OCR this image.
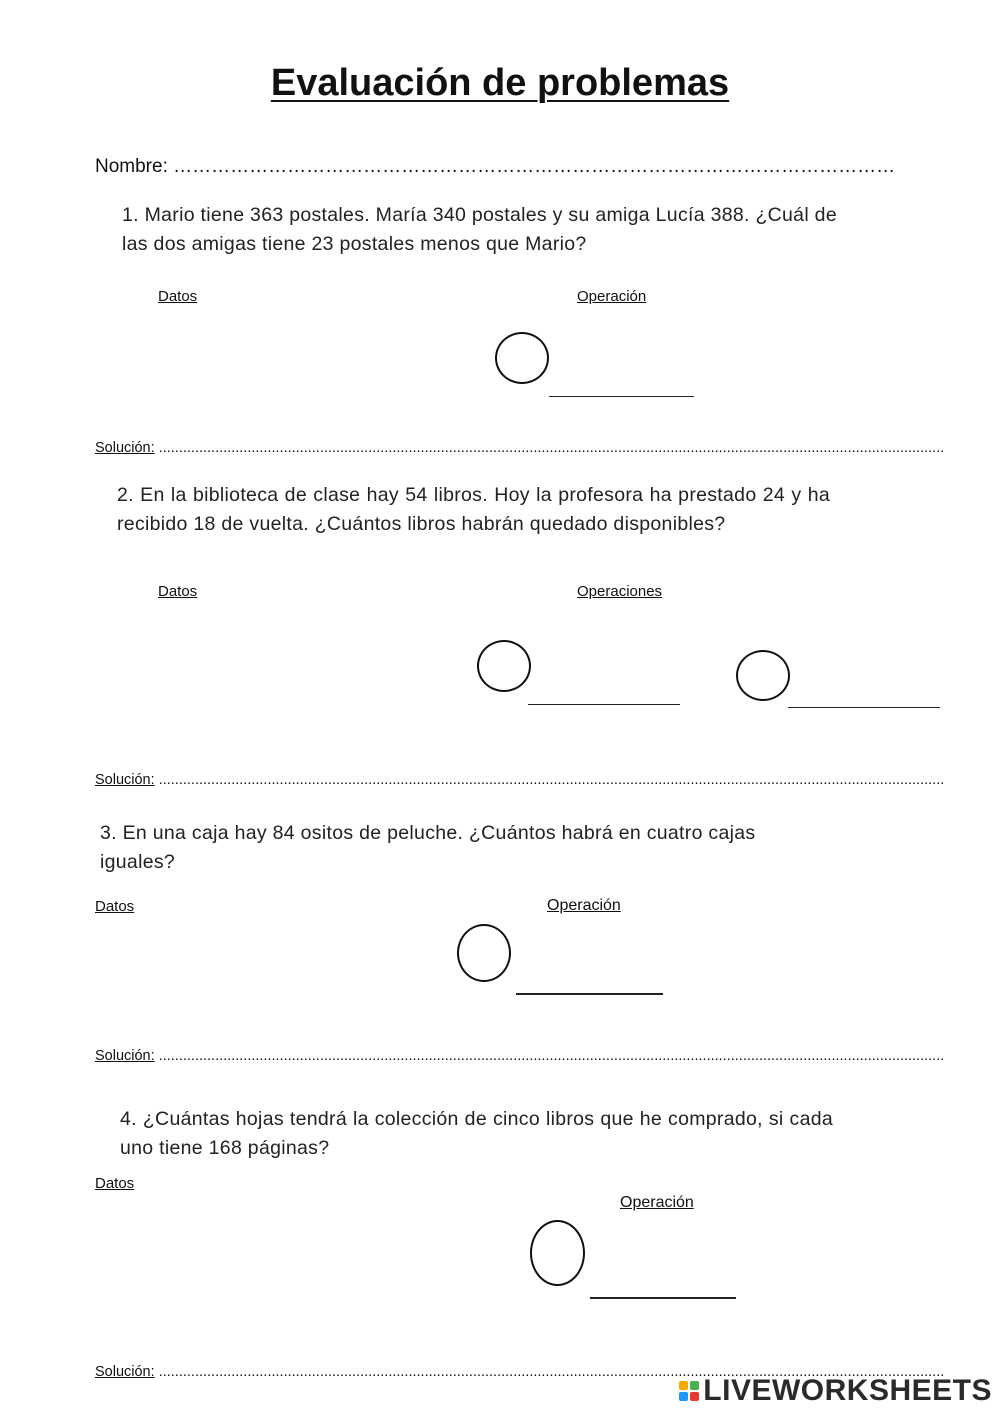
Evaluación de problemas
Nombre: ……………………………………………………………………………………………………
1. Mario tiene 363 postales. María 340 postales y su amiga Lucía 388. ¿Cuál de las dos amigas tiene 23 postales menos que Mario?
Datos	Operación
Solución: ...................................................................................................................................................................................................
2. En la biblioteca de clase hay 54 libros. Hoy la profesora ha prestado 24 y ha recibido 18 de vuelta. ¿Cuántos libros habrán quedado disponibles?
Datos	Operaciones
Solución: ...................................................................................................................................................................................................
3. En una caja hay 84 ositos de peluche. ¿Cuántos habrá en cuatro cajas iguales?
Datos	Operación
Solución: ...................................................................................................................................................................................................
4. ¿Cuántas hojas tendrá la colección de cinco libros que he comprado, si cada uno tiene 168 páginas?
Datos
Operación
Solución: ...................................................................................................................................................................................................
LIVEWORKSHEETS
